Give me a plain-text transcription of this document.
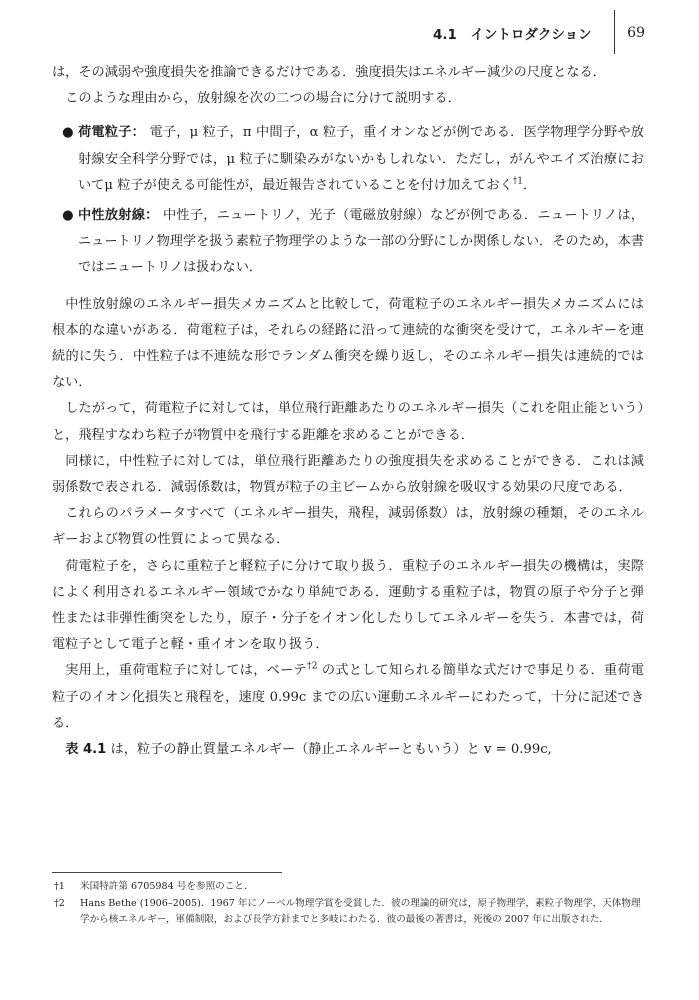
4.1　イントロダクション	69

は，その減弱や強度損失を推論できるだけである．強度損失はエネルギー減少の尺度となる．

このような理由から，放射線を次の二つの場合に分けて説明する．

● 荷電粒子： 電子，μ 粒子，π 中間子，α 粒子，重イオンなどが例である．医学物理学分野や放射線安全科学分野では，μ 粒子に馴染みがないかもしれない．ただし，がんやエイズ治療においてμ 粒子が使える可能性が，最近報告されていることを付け加えておく$^{\dagger 1}$．
● 中性放射線： 中性子，ニュートリノ，光子（電磁放射線）などが例である．ニュートリノは，ニュートリノ物理学を扱う素粒子物理学のような一部の分野にしか関係しない．そのため，本書ではニュートリノは扱わない．

中性放射線のエネルギー損失メカニズムと比較して，荷電粒子のエネルギー損失メカニズムには根本的な違いがある．荷電粒子は，それらの経路に沿って連続的な衝突を受けて，エネルギーを連続的に失う．中性粒子は不連続な形でランダム衝突を繰り返し，そのエネルギー損失は連続的ではない．

したがって，荷電粒子に対しては，単位飛行距離あたりのエネルギー損失（これを阻止能という）と，飛程すなわち粒子が物質中を飛行する距離を求めることができる．

同様に，中性粒子に対しては，単位飛行距離あたりの強度損失を求めることができる．これは減弱係数で表される．減弱係数は，物質が粒子の主ビームから放射線を吸収する効果の尺度である．

これらのパラメータすべて（エネルギー損失，飛程，減弱係数）は，放射線の種類，そのエネルギーおよび物質の性質によって異なる．

荷電粒子を，さらに重粒子と軽粒子に分けて取り扱う．重粒子のエネルギー損失の機構は，実際によく利用されるエネルギー領域でかなり単純である．運動する重粒子は，物質の原子や分子と弾性または非弾性衝突をしたり，原子・分子をイオン化したりしてエネルギーを失う．本書では，荷電粒子として電子と軽・重イオンを取り扱う．

実用上，重荷電粒子に対しては，ベーテ$^{\dagger 2}$ の式として知られる簡単な式だけで事足りる．重荷電粒子のイオン化損失と飛程を，速度 0.99c までの広い運動エネルギーにわたって，十分に記述できる．

表 4.1 は，粒子の静止質量エネルギー（静止エネルギーともいう）と v = 0.99c,

†1 米国特許第 6705984 号を参照のこと．
†2 Hans Bethe (1906–2005)．1967 年にノーベル物理学賞を受賞した．彼の理論的研究は，原子物理学，素粒子物理学，天体物理学から核エネルギー，軍備制限，および長学方針までと多岐にわたる．彼の最後の著書は，死後の 2007 年に出版された．
